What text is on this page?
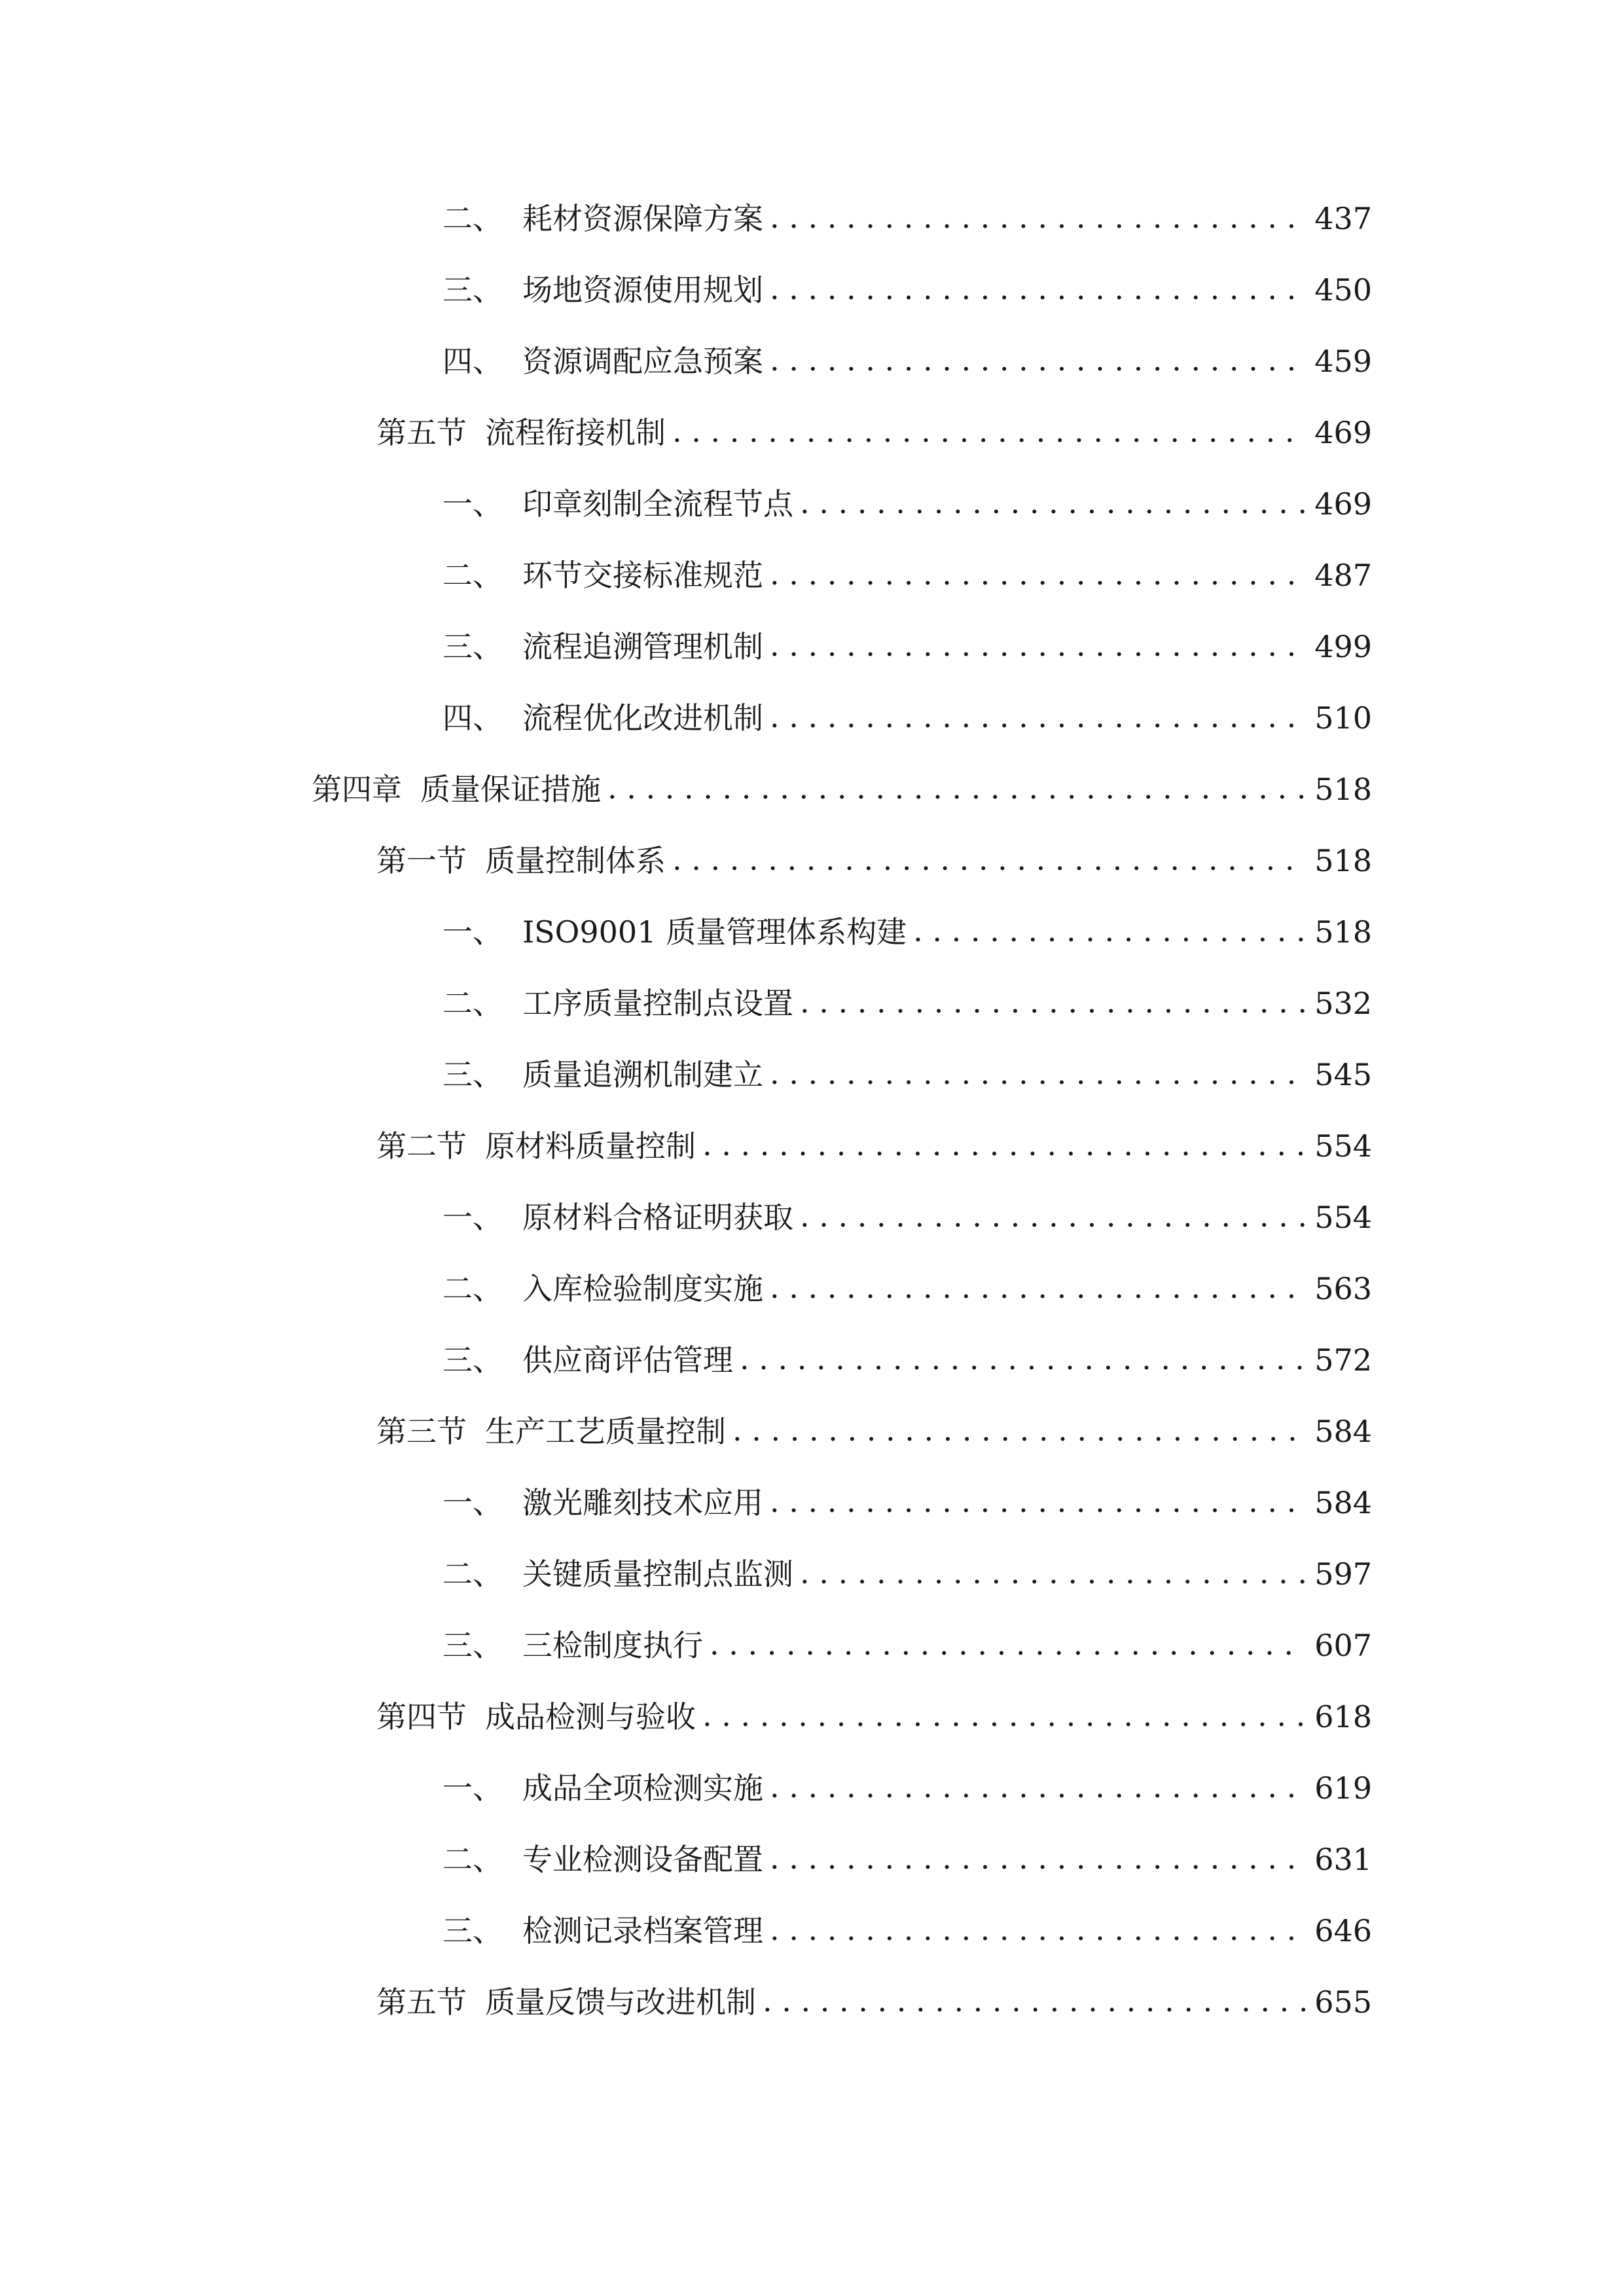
二、 耗材资源保障方案 . . .	437
三、 场地资源使用规划 . . .	450
四、 资源调配应急预案 . . .	459
第五节 流程衔接机制 . . .	469
一、 印章刻制全流程节点 . . .	469
二、 环节交接标准规范 . . .	487
三、 流程追溯管理机制 . . .	499
四、 流程优化改进机制 . . .	510
第四章 质量保证措施 . . .	518
第一节 质量控制体系 . . .	518
一、 ISO9001 质量管理体系构建 . . .	518
二、 工序质量控制点设置 . . .	532
三、 质量追溯机制建立 . . .	545
第二节 原材料质量控制 . . .	554
一、 原材料合格证明获取 . . .	554
二、 入库检验制度实施 . . .	563
三、 供应商评估管理 . . .	572
第三节 生产工艺质量控制 . . .	584
一、 激光雕刻技术应用 . . .	584
二、 关键质量控制点监测 . . .	597
三、 三检制度执行 . . .	607
第四节 成品检测与验收 . . .	618
一、 成品全项检测实施 . . .	619
二、 专业检测设备配置 . . .	631
三、 检测记录档案管理 . . .	646
第五节 质量反馈与改进机制 . . .	655
